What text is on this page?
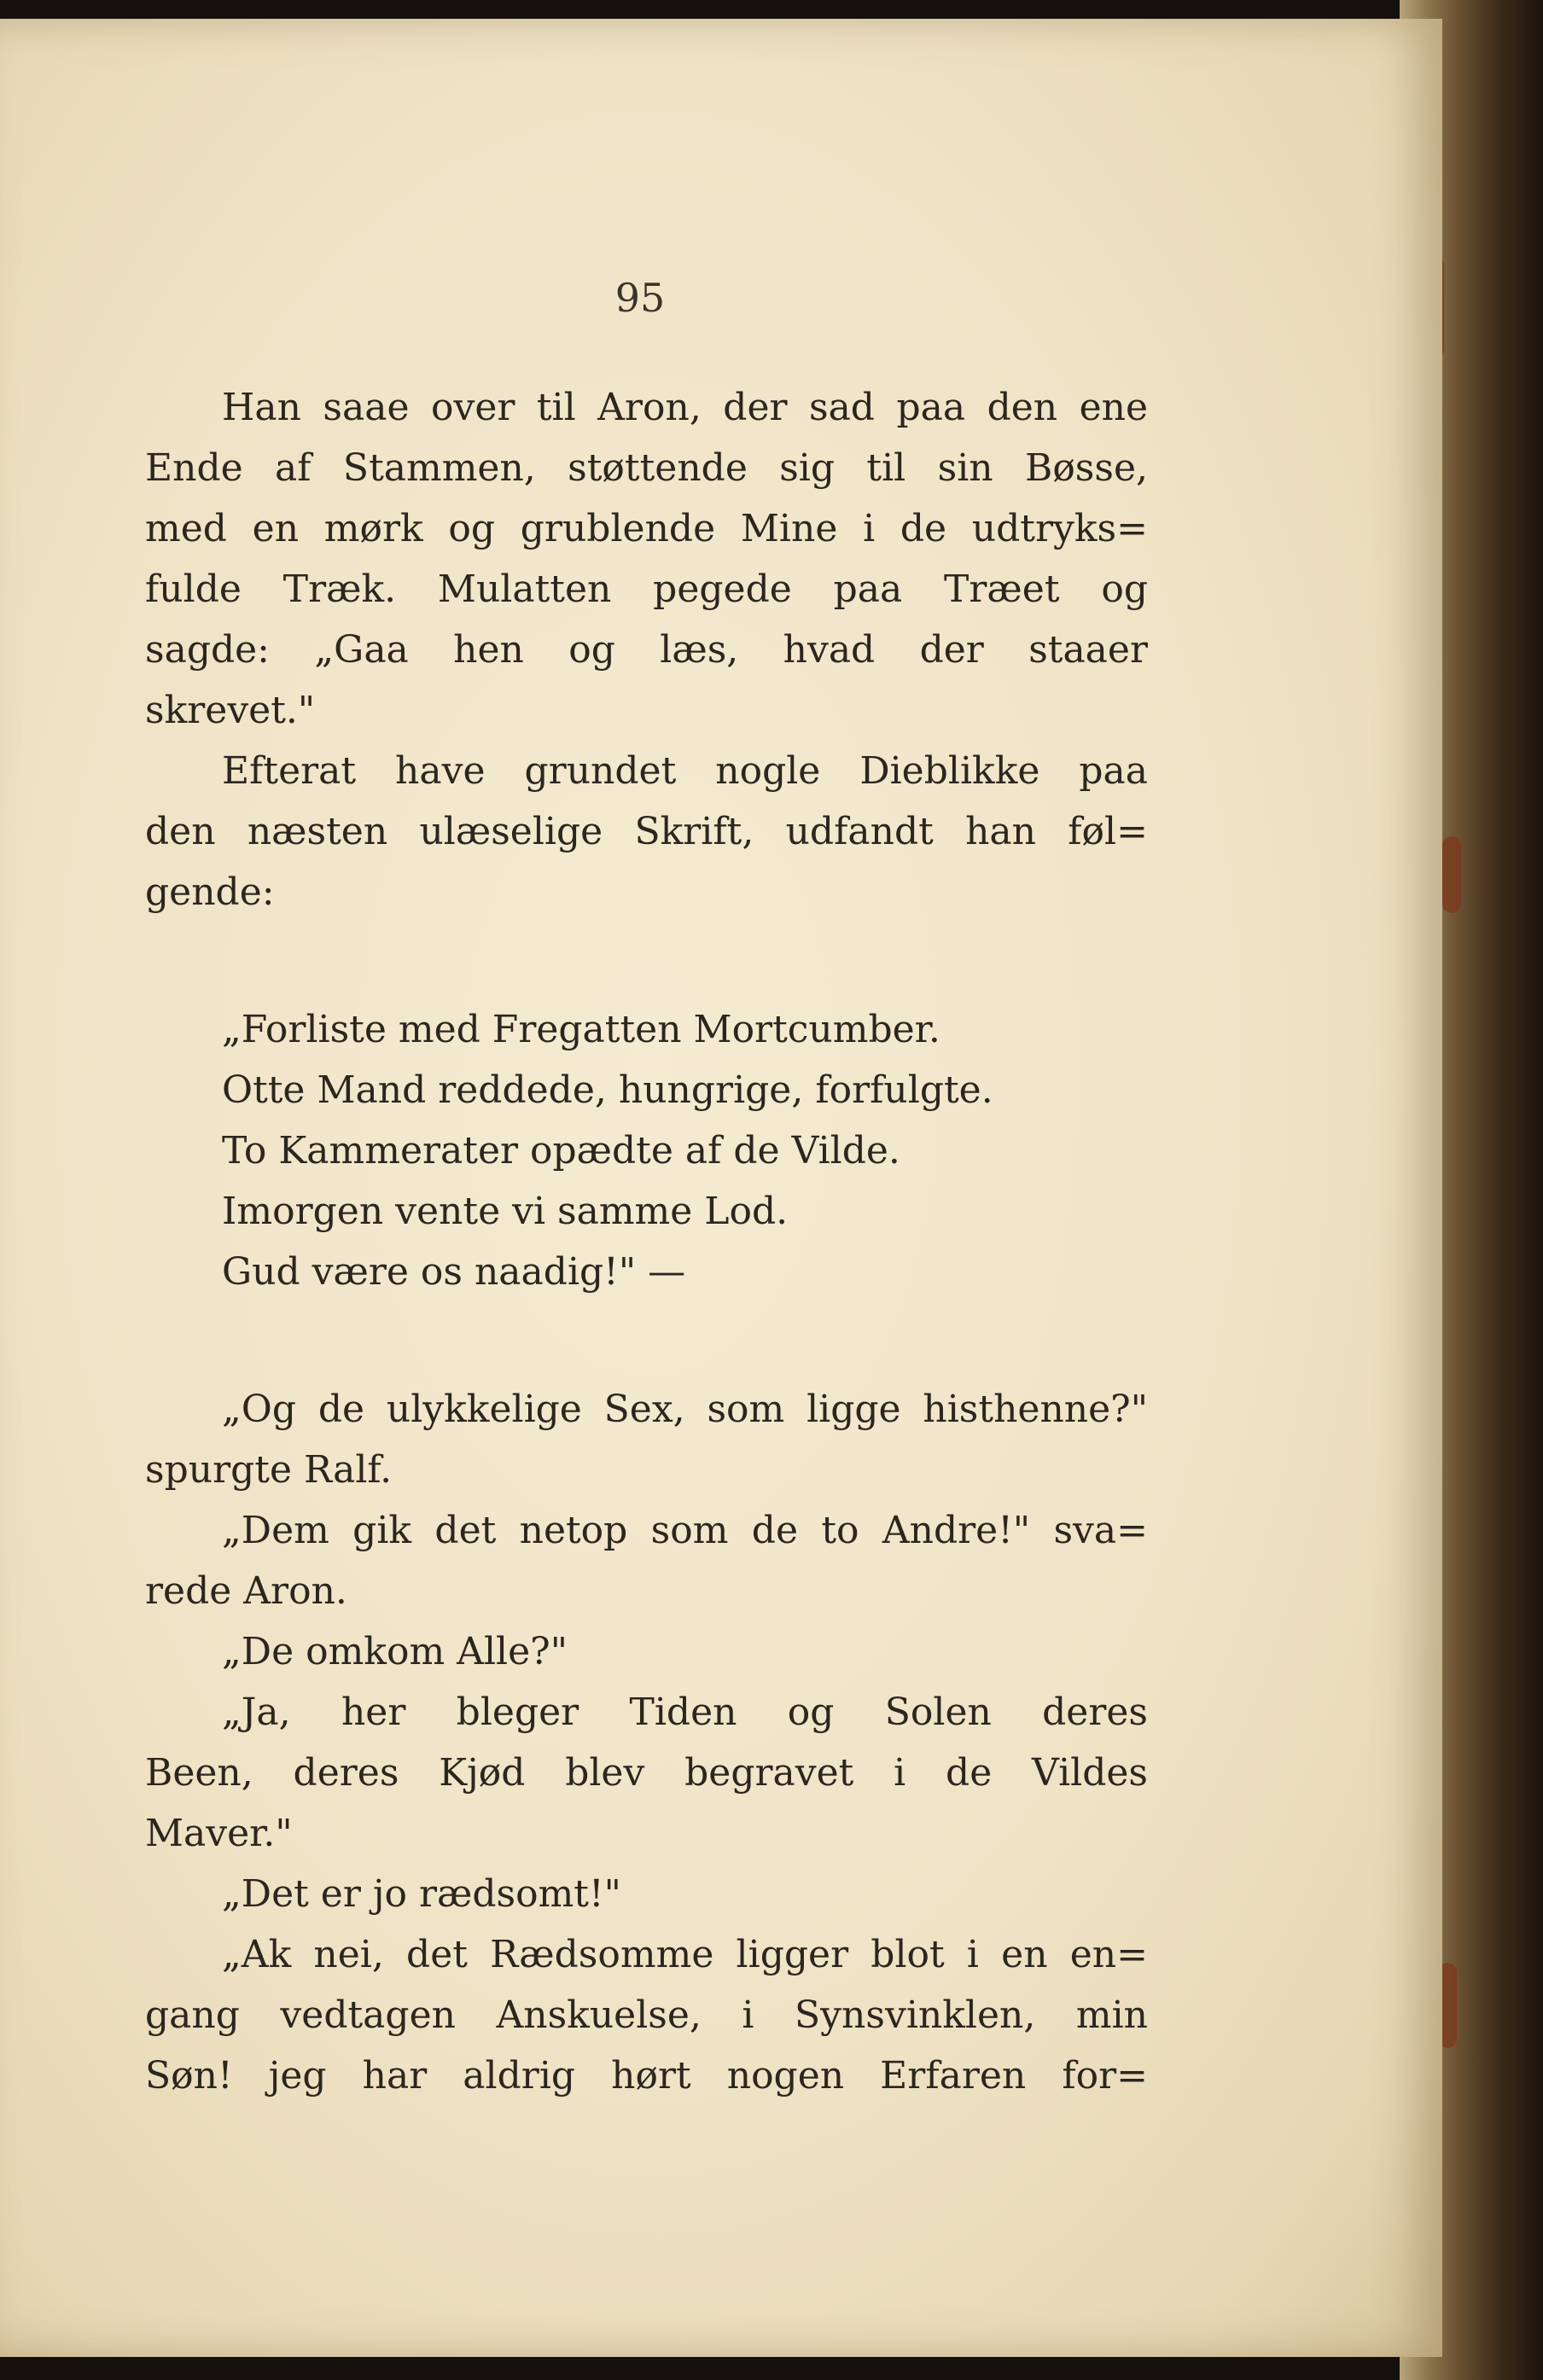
95
Han saae over til Aron, der sad paa den ene
Ende af Stammen, støttende sig til sin Bøsse,
med en mørk og grublende Mine i de udtryks=
fulde Træk. Mulatten pegede paa Træet og
sagde: „Gaa hen og læs, hvad der staaer
skrevet."
Efterat have grundet nogle Dieblikke paa
den næsten ulæselige Skrift, udfandt han føl=
gende:
„Forliste med Fregatten Mortcumber.
Otte Mand reddede, hungrige, forfulgte.
To Kammerater opædte af de Vilde.
Imorgen vente vi samme Lod.
Gud være os naadig!" —
„Og de ulykkelige Sex, som ligge histhenne?"
spurgte Ralf.
„Dem gik det netop som de to Andre!" sva=
rede Aron.
„De omkom Alle?"
„Ja, her bleger Tiden og Solen deres
Been, deres Kjød blev begravet i de Vildes
Maver."
„Det er jo rædsomt!"
„Ak nei, det Rædsomme ligger blot i en en=
gang vedtagen Anskuelse, i Synsvinklen, min
Søn! jeg har aldrig hørt nogen Erfaren for=
